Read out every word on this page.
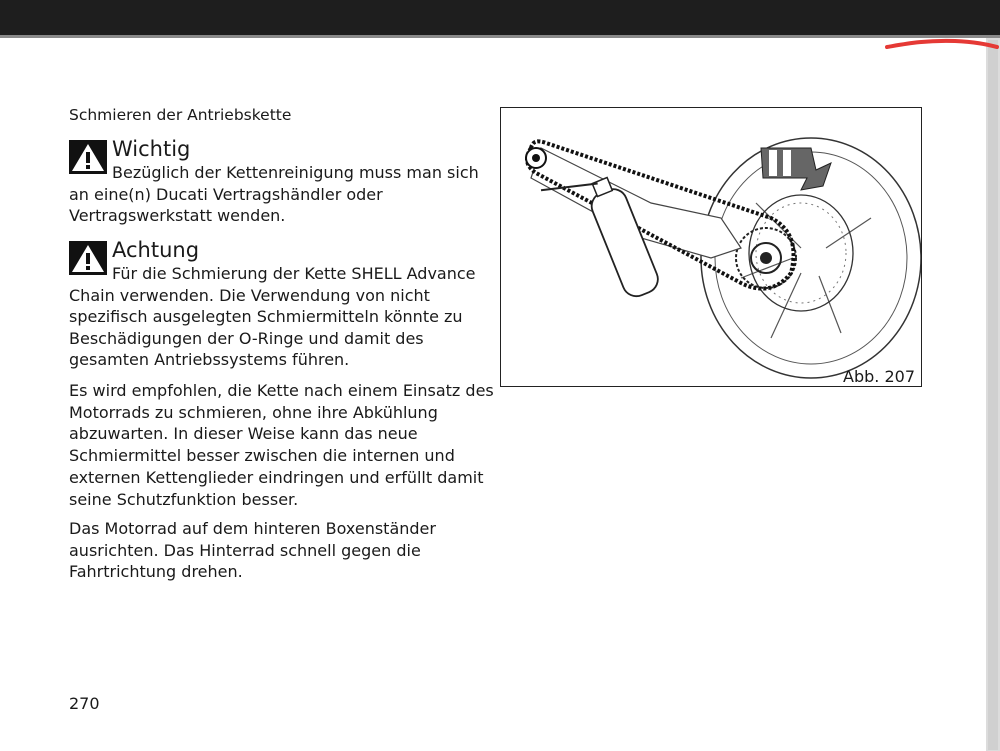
Schmieren der Antriebskette
Wichtig
Bezüglich der Kettenreinigung muss man sich an eine(n) Ducati Vertragshändler oder Vertragswerkstatt wenden.
Achtung
Für die Schmierung der Kette SHELL Advance Chain verwenden. Die Verwendung von nicht spezifisch ausgelegten Schmiermitteln könnte zu Beschädigungen der O-Ringe und damit des gesamten Antriebssystems führen.
Es wird empfohlen, die Kette nach einem Einsatz des Motorrads zu schmieren, ohne ihre Abkühlung abzuwarten. In dieser Weise kann das neue Schmiermittel besser zwischen die internen und externen Kettenglieder eindringen und erfüllt damit seine Schutzfunktion besser.
Das Motorrad auf dem hinteren Boxenständer ausrichten. Das Hinterrad schnell gegen die Fahrtrichtung drehen.
Abb. 207
270
